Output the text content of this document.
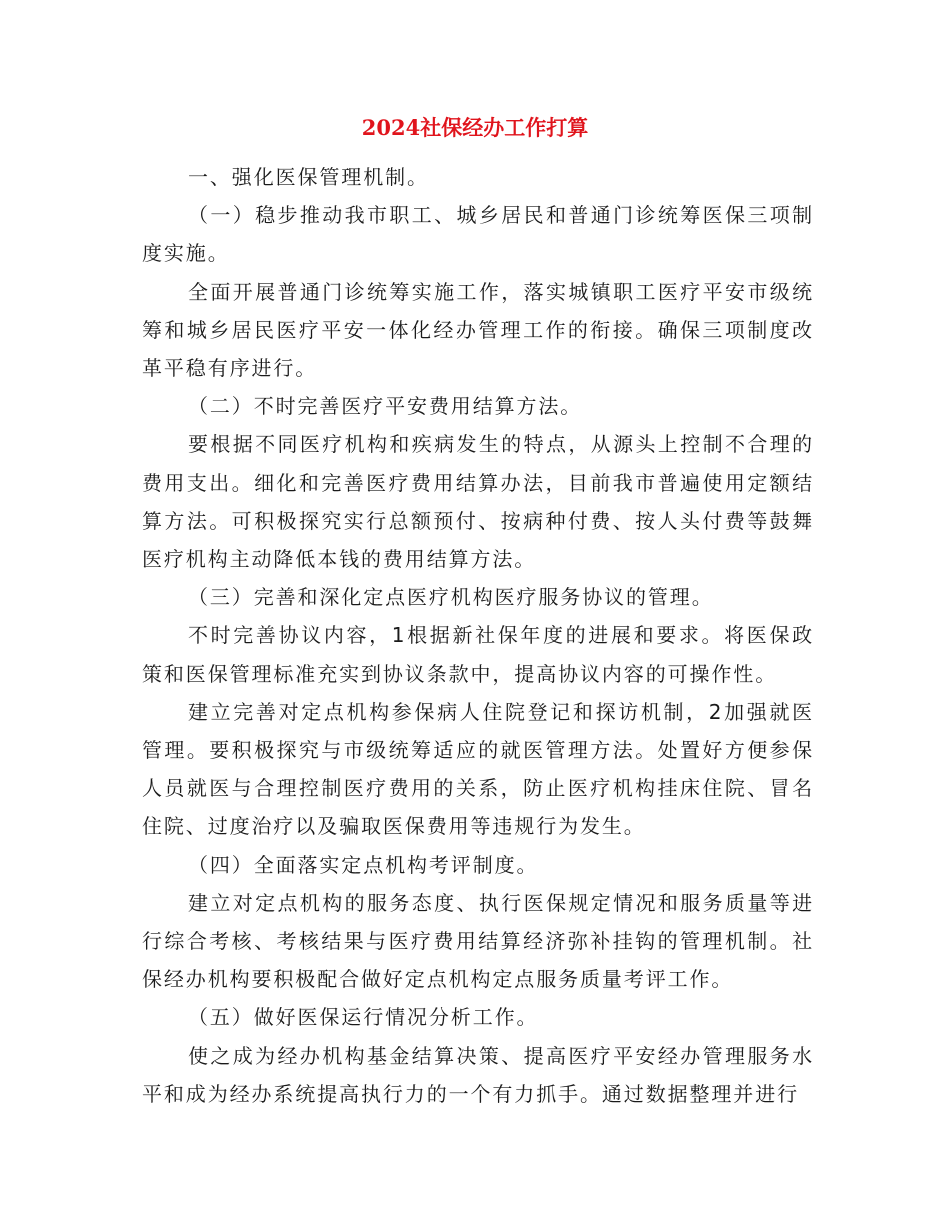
2024社保经办工作打算

一、强化医保管理机制。

（一）稳步推动我市职工、城乡居民和普通门诊统筹医保三项制度实施。

全面开展普通门诊统筹实施工作，落实城镇职工医疗平安市级统筹和城乡居民医疗平安一体化经办管理工作的衔接。确保三项制度改革平稳有序进行。

（二）不时完善医疗平安费用结算方法。

要根据不同医疗机构和疾病发生的特点，从源头上控制不合理的费用支出。细化和完善医疗费用结算办法，目前我市普遍使用定额结算方法。可积极探究实行总额预付、按病种付费、按人头付费等鼓舞医疗机构主动降低本钱的费用结算方法。

（三）完善和深化定点医疗机构医疗服务协议的管理。

不时完善协议内容，1根据新社保年度的进展和要求。将医保政策和医保管理标准充实到协议条款中，提高协议内容的可操作性。

建立完善对定点机构参保病人住院登记和探访机制，2加强就医管理。要积极探究与市级统筹适应的就医管理方法。处置好方便参保人员就医与合理控制医疗费用的关系，防止医疗机构挂床住院、冒名住院、过度治疗以及骗取医保费用等违规行为发生。

（四）全面落实定点机构考评制度。

建立对定点机构的服务态度、执行医保规定情况和服务质量等进行综合考核、考核结果与医疗费用结算经济弥补挂钩的管理机制。社保经办机构要积极配合做好定点机构定点服务质量考评工作。

（五）做好医保运行情况分析工作。

使之成为经办机构基金结算决策、提高医疗平安经办管理服务水平和成为经办系统提高执行力的一个有力抓手。通过数据整理并进行
